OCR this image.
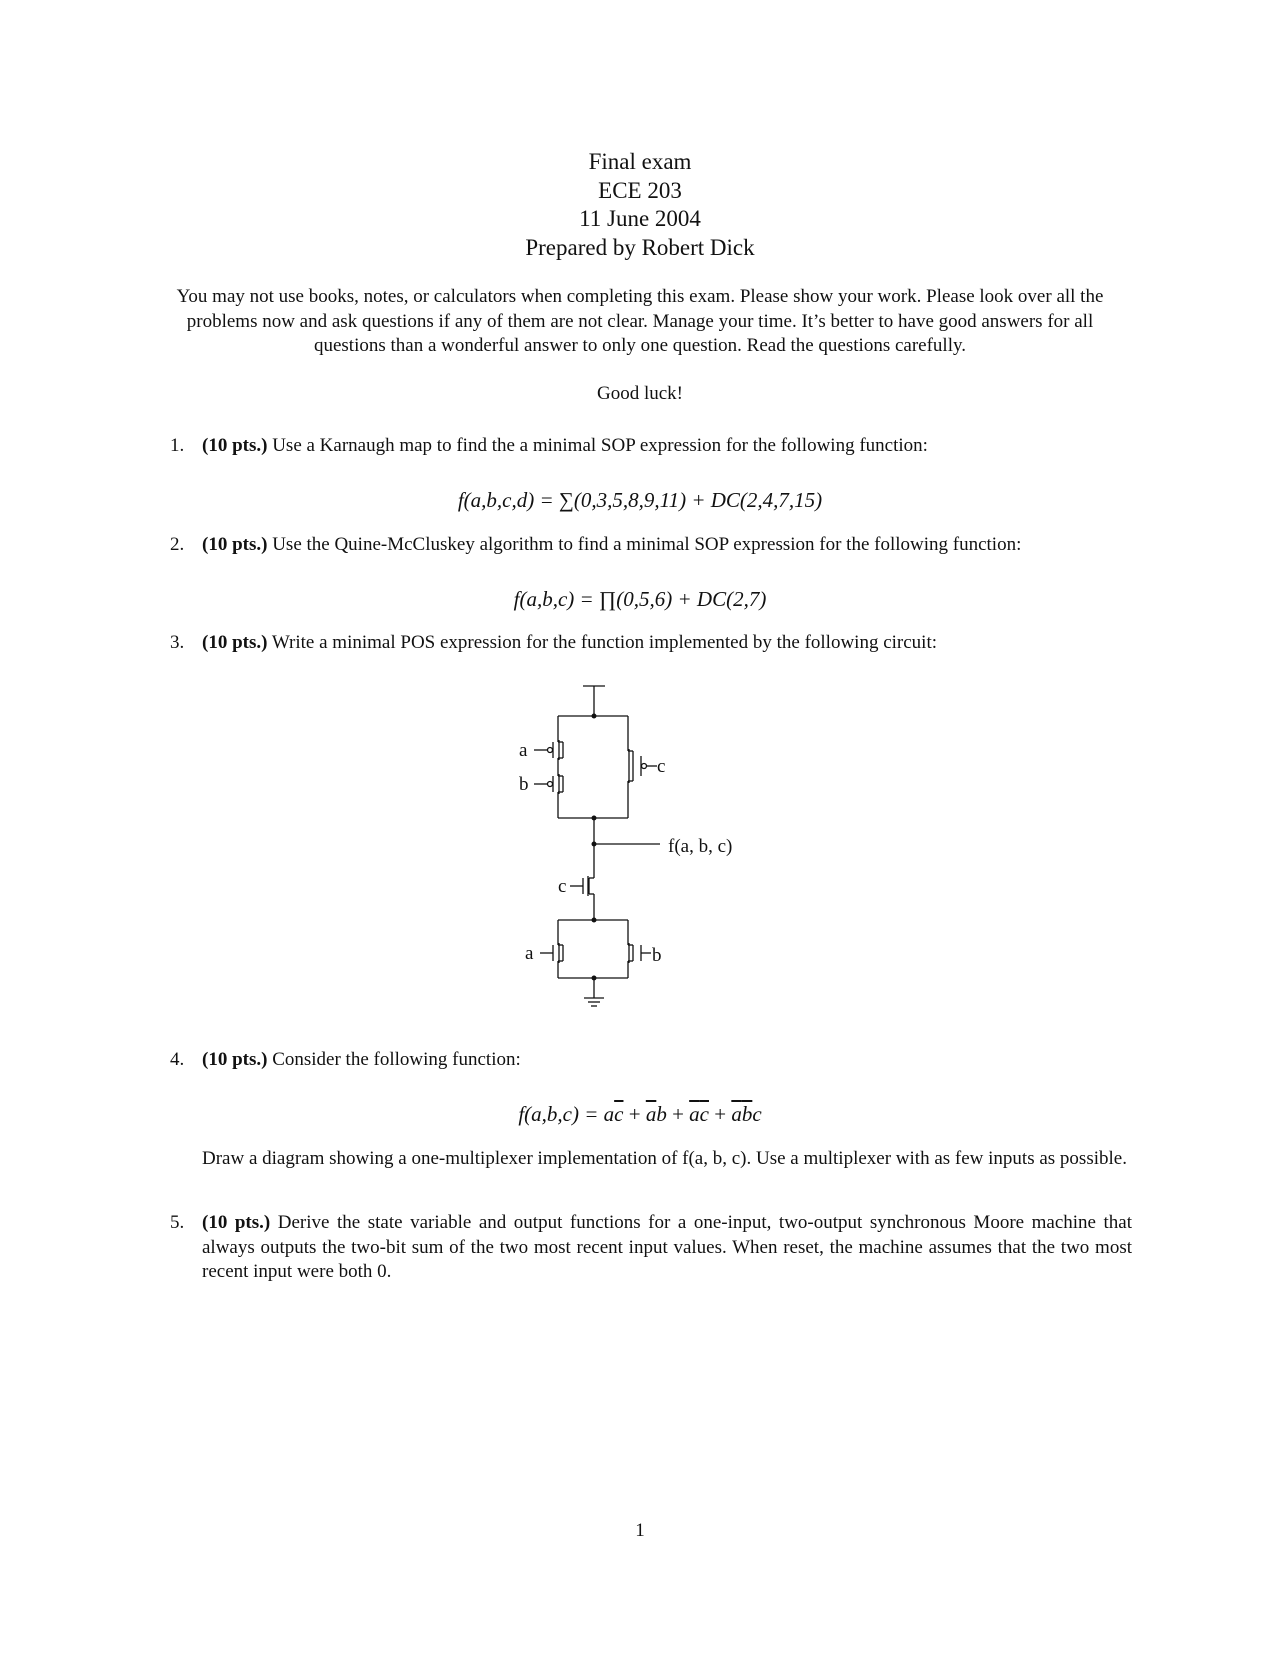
Final exam
ECE 203
11 June 2004
Prepared by Robert Dick
You may not use books, notes, or calculators when completing this exam. Please show your work. Please look over all the problems now and ask questions if any of them are not clear. Manage your time. It’s better to have good answers for all questions than a wonderful answer to only one question. Read the questions carefully.
Good luck!
1. (10 pts.) Use a Karnaugh map to find the a minimal SOP expression for the following function:
f(a,b,c,d) = ∑(0,3,5,8,9,11) + DC(2,4,7,15)
2. (10 pts.) Use the Quine-McCluskey algorithm to find a minimal SOP expression for the following function:
f(a,b,c) = ∏(0,5,6) + DC(2,7)
3. (10 pts.) Write a minimal POS expression for the function implemented by the following circuit:
a
b
c
f(a, b, c)
c
a	b
4. (10 pts.) Consider the following function:
$f(a,b,c) = a\overline{c} + \overline{a}b + \overline{a}\overline{c} + \overline{a}\overline{b}c$
Draw a diagram showing a one-multiplexer implementation of f(a, b, c). Use a multiplexer with as few inputs as possible.
5. (10 pts.) Derive the state variable and output functions for a one-input, two-output synchronous Moore machine that always outputs the two-bit sum of the two most recent input values. When reset, the machine assumes that the two most recent input were both 0.
1
